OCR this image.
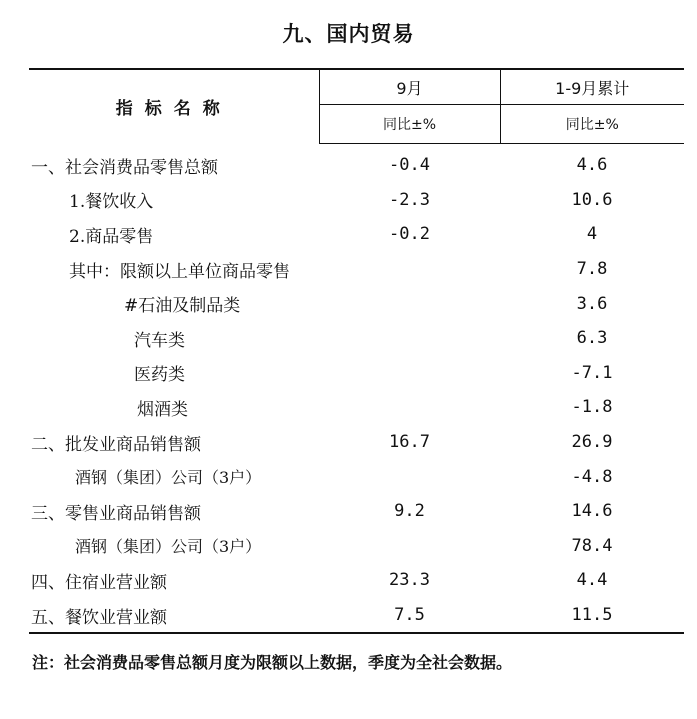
九、国内贸易
指标名称	9月	1-9月累计
	同比±%	同比±%
一、社会消费品零售总额	-0.4	4.6
1.餐饮收入	-2.3	10.6
2.商品零售	-0.2	4
其中：限额以上单位商品零售		7.8
#石油及制品类		3.6
汽车类		6.3
医药类		-7.1
烟酒类		-1.8
二、批发业商品销售额	16.7	26.9
酒钢（集团）公司（3户）		-4.8
三、零售业商品销售额	9.2	14.6
酒钢（集团）公司（3户）		78.4
四、住宿业营业额	23.3	4.4
五、餐饮业营业额	7.5	11.5
注：社会消费品零售总额月度为限额以上数据，季度为全社会数据。
